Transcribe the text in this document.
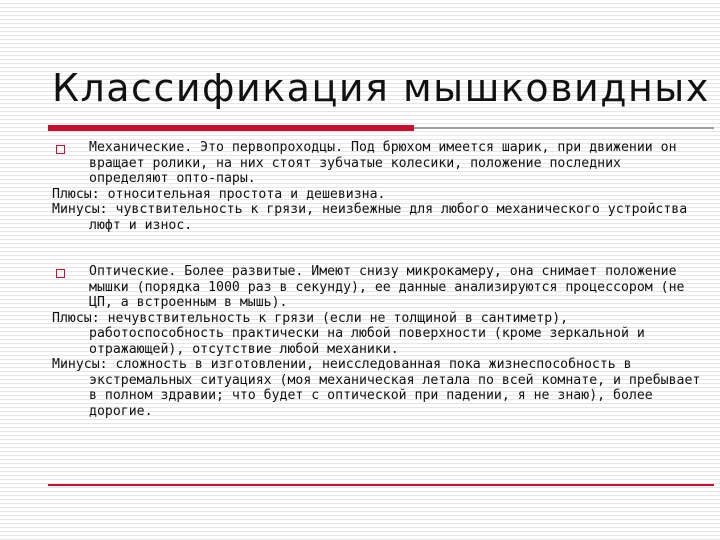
Классификация мышковидных

Механические. Это первопроходцы. Под брюхом имеется шарик, при движении он вращает ролики, на них стоят зубчатые колесики, положение последних определяют опто-пары.

Плюсы: относительная простота и дешевизна.

Минусы: чувствительность к грязи, неизбежные для любого механического устройства люфт и износ.

Оптические. Более развитые. Имеют снизу микрокамеру, она снимает положение мышки (порядка 1000 раз в секунду), ее данные анализируются процессором (не ЦП, а встроенным в мышь).

Плюсы: нечувствительность к грязи (если не толщиной в сантиметр), работоспособность практически на любой поверхности (кроме зеркальной и отражающей), отсутствие любой механики.

Минусы: сложность в изготовлении, неисследованная пока жизнеспособность в экстремальных ситуациях (моя механическая летала по всей комнате, и пребывает в полном здравии; что будет с оптической при падении, я не знаю), более дорогие.
